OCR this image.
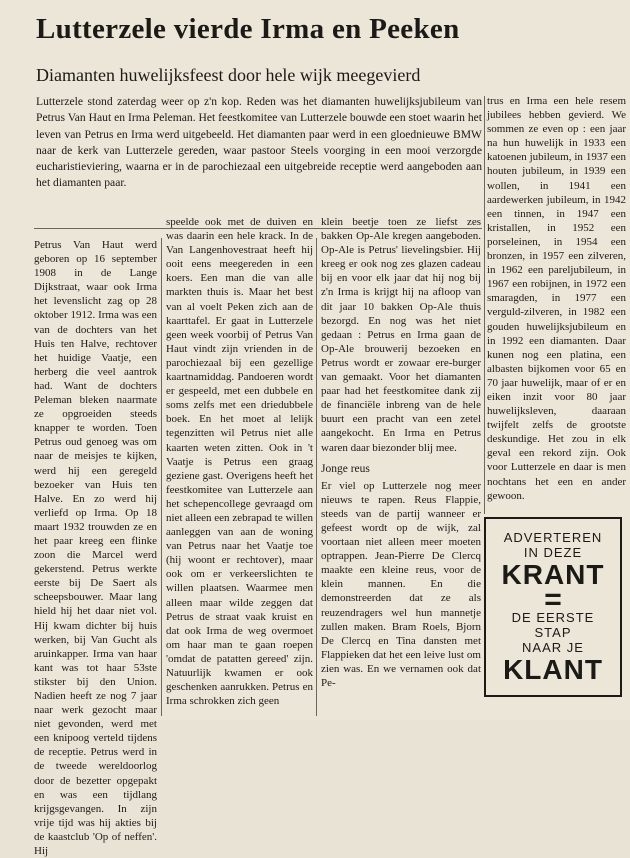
Lutterzele vierde Irma en Peeken
Diamanten huwelijksfeest door hele wijk meegevierd
Lutterzele stond zaterdag weer op z'n kop. Reden was het diamanten huwelijksjubileum van Petrus Van Haut en Irma Peleman. Het feestkomitee van Lutterzele bouwde een stoet waarin het leven van Petrus en Irma werd uitgebeeld. Het diamanten paar werd in een gloednieuwe BMW naar de kerk van Lutterzele gereden, waar pastoor Steels voorging in een mooi verzorgde eucharistieviering, waarna er in de parochiezaal een uitgebreide receptie werd aangeboden aan het diamanten paar.

Petrus Van Haut werd geboren op 16 september 1908 in de Lange Dijkstraat, waar ook Irma het levenslicht zag op 28 oktober 1912. Irma was een van de dochters van het Huis ten Halve, rechtover het huidige Vaatje, een herberg die veel aantrok had. Want de dochters Peleman bleken naarmate ze opgroeiden steeds knapper te worden. Toen Petrus oud genoeg was om naar de meisjes te kijken, werd hij een geregeld bezoeker van Huis ten Halve. En zo werd hij verliefd op Irma. Op 18 maart 1932 trouwden ze en het paar kreeg een flinke zoon die Marcel werd gekerstend. Petrus werkte eerste bij De Saert als scheepsbouwer. Maar lang hield hij het daar niet vol. Hij kwam dichter bij huis werken, bij Van Gucht als aruinkapper. Irma van haar kant was tot haar 53ste stikster bij den Union. Nadien heeft ze nog 7 jaar naar werk gezocht maar niet gevonden, werd met een knipoog verteld tijdens de receptie. Petrus werd in de tweede wereldoorlog door de bezetter opgepakt en was een tijdlang krijgsgevangen. In zijn vrije tijd was hij akties bij de kaastclub 'Op of neffen'. Hij

speelde ook met de duiven en was daarin een hele krack. In de Van Langenhovestraat heeft hij ooit eens meegereden in een koers. Een man die van alle markten thuis is. Maar het best van al voelt Peken zich aan de kaarttafel. Er gaat in Lutterzele geen week voorbij of Petrus Van Haut vindt zijn vrienden in de parochiezaal bij een gezellige kaartnamiddag. Pandoeren wordt er gespeeld, met een dubbele en soms zelfs met een driedubbele boek. En het moet al lelijk tegenzitten wil Petrus niet alle kaarten weten zitten. Ook in 't Vaatje is Petrus een graag geziene gast. Overigens heeft het feestkomitee van Lutterzele aan het schepencollege gevraagd om niet alleen een zebrapad te willen aanleggen van aan de woning van Petrus naar het Vaatje toe (hij woont er rechtover), maar ook om er verkeerslichten te willen plaatsen. Waarmee men alleen maar wilde zeggen dat Petrus de straat vaak kruist en dat ook Irma de weg overmoet om haar man te gaan roepen 'omdat de patatten gereed' zijn. Natuurlijk kwamen er ook geschenken aanrukken. Petrus en Irma schrokken zich geen

klein beetje toen ze liefst zes bakken Op-Ale kregen aangeboden. Op-Ale is Petrus' lievelingsbier. Hij kreeg er ook nog zes glazen cadeau bij en voor elk jaar dat hij nog bij z'n Irma is krijgt hij na afloop van dit jaar 10 bakken Op-Ale thuis bezorgd. En nog was het niet gedaan : Petrus en Irma gaan de Op-Ale brouwerij bezoeken en Petrus wordt er zowaar ere-burger van gemaakt. Voor het diamanten paar had het feestkomitee dank zij de financiële inbreng van de hele buurt een pracht van een zetel aangekocht. En Irma en Petrus waren daar biezonder blij mee.

Jonge reus

Er viel op Lutterzele nog meer nieuws te rapen. Reus Flappie, steeds van de partij wanneer er gefeest wordt op de wijk, zal voortaan niet alleen meer moeten optrappen. Jean-Pierre De Clercq maakte een kleine reus, voor de klein mannen. En die demonstreerden dat ze als reuzendragers wel hun mannetje zullen maken. Bram Roels, Bjorn De Clercq en Tina dansten met Flappieken dat het een leive lust om zien was. En we vernamen ook dat Pe-

trus en Irma een hele resem jubilees hebben gevierd. We sommen ze even op : een jaar na hun huwelijk in 1933 een katoenen jubileum, in 1937 een houten jubileum, in 1939 een wollen, in 1941 een aardewerken jubileum, in 1942 een tinnen, in 1947 een kristallen, in 1952 een porseleinen, in 1954 een bronzen, in 1957 een zilveren, in 1962 een pareljubileum, in 1967 een robijnen, in 1972 een smaragden, in 1977 een verguld-zilveren, in 1982 een gouden huwelijksjubileum en in 1992 een diamanten. Daar kunen nog een platina, een albasten bijkomen voor 65 en 70 jaar huwelijk, maar of er en eiken inzit voor 80 jaar huwelijksleven, daaraan twijfelt zelfs de grootste deskundige. Het zou in elk geval een rekord zijn. Ook voor Lutterzele en daar is men nochtans het een en ander gewoon.

ADVERTEREN
IN DEZE
KRANT
=
DE EERSTE
STAP
NAAR JE
KLANT
